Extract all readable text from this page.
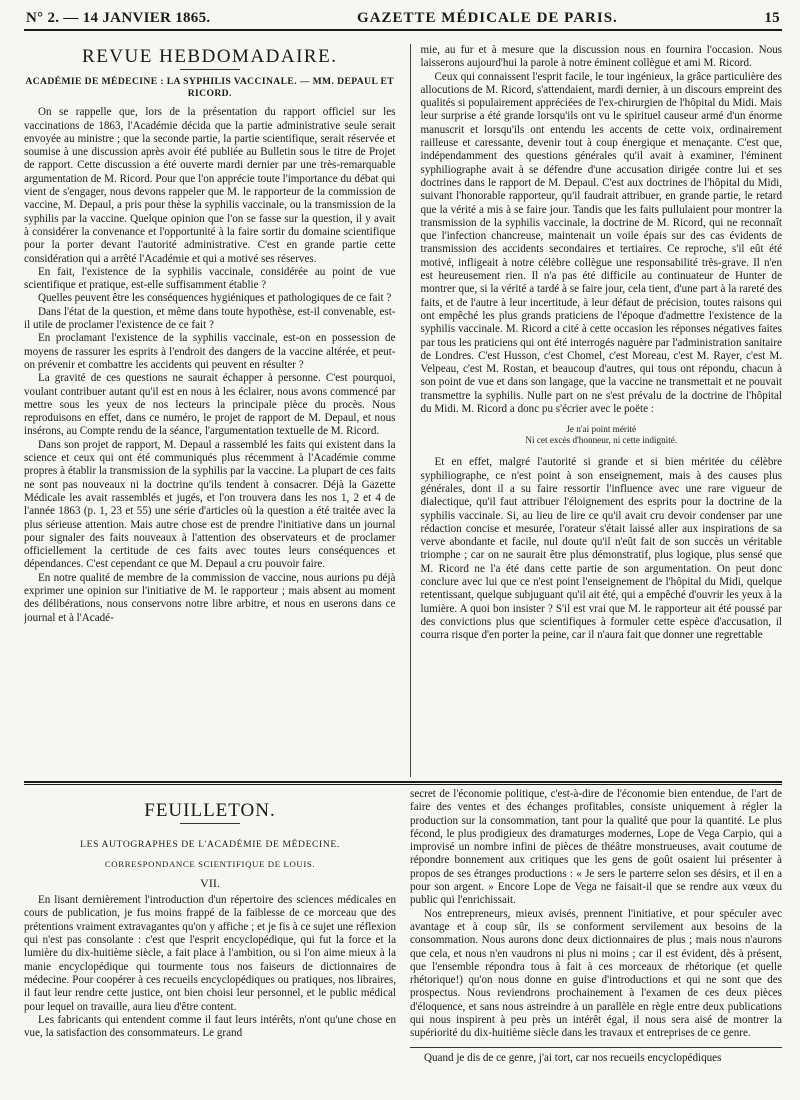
N° 2. — 14 JANVIER 1865.	GAZETTE MÉDICALE DE PARIS.	15
REVUE HEBDOMADAIRE.
ACADÉMIE DE MÉDECINE : LA SYPHILIS VACCINALE. — MM. DEPAUL ET RICORD.

On se rappelle que, lors de la présentation du rapport officiel sur les vaccinations de 1863, l'Académie décida que la partie administrative seule serait envoyée au ministre ; que la seconde partie, la partie scientifique, serait réservée et soumise à une discussion après avoir été publiée au Bulletin sous le titre de Projet de rapport. Cette discussion a été ouverte mardi dernier par une très-remarquable argumentation de M. Ricord. Pour que l'on apprécie toute l'importance du débat qui vient de s'engager, nous devons rappeler que M. le rapporteur de la commission de vaccine, M. Depaul, a pris pour thèse la syphilis vaccinale, ou la transmission de la syphilis par la vaccine. Quelque opinion que l'on se fasse sur la question, il y avait à considérer la convenance et l'opportunité à la faire sortir du domaine scientifique pour la porter devant l'autorité administrative. C'est en grande partie cette considération qui a arrêté l'Académie et qui a motivé ses réserves.

En fait, l'existence de la syphilis vaccinale, considérée au point de vue scientifique et pratique, est-elle suffisamment établie ?

Quelles peuvent être les conséquences hygiéniques et pathologiques de ce fait ?

Dans l'état de la question, et même dans toute hypothèse, est-il convenable, est-il utile de proclamer l'existence de ce fait ?

En proclamant l'existence de la syphilis vaccinale, est-on en possession de moyens de rassurer les esprits à l'endroit des dangers de la vaccine altérée, et peut-on prévenir et combattre les accidents qui peuvent en résulter ?

La gravité de ces questions ne saurait échapper à personne. C'est pourquoi, voulant contribuer autant qu'il est en nous à les éclairer, nous avons commencé par mettre sous les yeux de nos lecteurs la principale pièce du procès. Nous reproduisons en effet, dans ce numéro, le projet de rapport de M. Depaul, et nous insérons, au Compte rendu de la séance, l'argumentation textuelle de M. Ricord.

Dans son projet de rapport, M. Depaul a rassemblé les faits qui existent dans la science et ceux qui ont été communiqués plus récemment à l'Académie comme propres à établir la transmission de la syphilis par la vaccine. La plupart de ces faits ne sont pas nouveaux ni la doctrine qu'ils tendent à consacrer. Déjà la Gazette Médicale les avait rassemblés et jugés, et l'on trouvera dans les nos 1, 2 et 4 de l'année 1863 (p. 1, 23 et 55) une série d'articles où la question a été traitée avec la plus sérieuse attention. Mais autre chose est de prendre l'initiative dans un journal pour signaler des faits nouveaux à l'attention des observateurs et de proclamer officiellement la certitude de ces faits avec toutes leurs conséquences et dépendances. C'est cependant ce que M. Depaul a cru pouvoir faire.

En notre qualité de membre de la commission de vaccine, nous aurions pu déjà exprimer une opinion sur l'initiative de M. le rapporteur ; mais absent au moment des délibérations, nous conservons notre libre arbitre, et nous en userons dans ce journal et à l'Acadé-

mie, au fur et à mesure que la discussion nous en fournira l'occasion. Nous laisserons aujourd'hui la parole à notre éminent collègue et ami M. Ricord.

Ceux qui connaissent l'esprit facile, le tour ingénieux, la grâce particulière des allocutions de M. Ricord, s'attendaient, mardi dernier, à un discours empreint des qualités si populairement appréciées de l'ex-chirurgien de l'hôpital du Midi. Mais leur surprise a été grande lorsqu'ils ont vu le spirituel causeur armé d'un énorme manuscrit et lorsqu'ils ont entendu les accents de cette voix, ordinairement railleuse et caressante, devenir tout à coup énergique et menaçante. C'est que, indépendamment des questions générales qu'il avait à examiner, l'éminent syphiliographe avait à se défendre d'une accusation dirigée contre lui et ses doctrines dans le rapport de M. Depaul. C'est aux doctrines de l'hôpital du Midi, suivant l'honorable rapporteur, qu'il faudrait attribuer, en grande partie, le retard que la vérité a mis à se faire jour. Tandis que les faits pullulaient pour montrer la transmission de la syphilis vaccinale, la doctrine de M. Ricord, qui ne reconnaît que l'infection chancreuse, maintenait un voile épais sur des cas évidents de transmission des accidents secondaires et tertiaires. Ce reproche, s'il eût été motivé, infligeait à notre célèbre collègue une responsabilité très-grave. Il n'en est heureusement rien. Il n'a pas été difficile au continuateur de Hunter de montrer que, si la vérité a tardé à se faire jour, cela tient, d'une part à la rareté des faits, et de l'autre à leur incertitude, à leur défaut de précision, toutes raisons qui ont empêché les plus grands praticiens de l'époque d'admettre l'existence de la syphilis vaccinale. M. Ricord a cité à cette occasion les réponses négatives faites par tous les praticiens qui ont été interrogés naguère par l'administration sanitaire de Londres. C'est Husson, c'est Chomel, c'est Moreau, c'est M. Rayer, c'est M. Velpeau, c'est M. Rostan, et beaucoup d'autres, qui tous ont répondu, chacun à son point de vue et dans son langage, que la vaccine ne transmettait et ne pouvait transmettre la syphilis. Nulle part on ne s'est prévalu de la doctrine de l'hôpital du Midi. M. Ricord a donc pu s'écrier avec le poëte :

Je n'ai point mérité
Ni cet excès d'honneur, ni cette indignité.

Et en effet, malgré l'autorité si grande et si bien méritée du célèbre syphiliographe, ce n'est point à son enseignement, mais à des causes plus générales, dont il a su faire ressortir l'influence avec une rare vigueur de dialectique, qu'il faut attribuer l'éloignement des esprits pour la doctrine de la syphilis vaccinale. Si, au lieu de lire ce qu'il avait cru devoir condenser par une rédaction concise et mesurée, l'orateur s'était laissé aller aux inspirations de sa verve abondante et facile, nul doute qu'il n'eût fait de son succès un véritable triomphe ; car on ne saurait être plus démonstratif, plus logique, plus sensé que M. Ricord ne l'a été dans cette partie de son argumentation. On peut donc conclure avec lui que ce n'est point l'enseignement de l'hôpital du Midi, quelque retentissant, quelque subjuguant qu'il ait été, qui a empêché d'ouvrir les yeux à la lumière. A quoi bon insister ? S'il est vrai que M. le rapporteur ait été poussé par des convictions plus que scientifiques à formuler cette espèce d'accusation, il courra risque d'en porter la peine, car il n'aura fait que donner une regrettable

FEUILLETON.
LES AUTOGRAPHES DE L'ACADÉMIE DE MÉDECINE.
CORRESPONDANCE SCIENTIFIQUE DE LOUIS.
VII.

En lisant dernièrement l'introduction d'un répertoire des sciences médicales en cours de publication, je fus moins frappé de la faiblesse de ce morceau que des prétentions vraiment extravagantes qu'on y affiche ; et je fis à ce sujet une réflexion qui n'est pas consolante : c'est que l'esprit encyclopédique, qui fut la force et la lumière du dix-huitième siècle, a fait place à l'ambition, ou si l'on aime mieux à la manie encyclopédique qui tourmente tous nos faiseurs de dictionnaires de médecine. Pour coopérer à ces recueils encyclopédiques ou pratiques, nos libraires, il faut leur rendre cette justice, ont bien choisi leur personnel, et le public médical pour lequel on travaille, aura lieu d'être content.

Les fabricants qui entendent comme il faut leurs intérêts, n'ont qu'une chose en vue, la satisfaction des consommateurs. Le grand

secret de l'économie politique, c'est-à-dire de l'économie bien entendue, de l'art de faire des ventes et des échanges profitables, consiste uniquement à régler la production sur la consommation, tant pour la qualité que pour la quantité. Le plus fécond, le plus prodigieux des dramaturges modernes, Lope de Vega Carpio, qui a improvisé un nombre infini de pièces de théâtre monstrueuses, avait coutume de répondre bonnement aux critiques que les gens de goût osaient lui présenter à propos de ses étranges productions : « Je sers le parterre selon ses désirs, et il en a pour son argent. » Encore Lope de Vega ne faisait-il que se rendre aux vœux du public qui l'enrichissait.

Nos entrepreneurs, mieux avisés, prennent l'initiative, et pour spéculer avec avantage et à coup sûr, ils se conforment servilement aux besoins de la consommation. Nous aurons donc deux dictionnaires de plus ; mais nous n'aurons que cela, et nous n'en vaudrons ni plus ni moins ; car il est évident, dès à présent, que l'ensemble répondra tous à fait à ces morceaux de rhétorique (et quelle rhétorique!) qu'on nous donne en guise d'introductions et qui ne sont que des prospectus. Nous reviendrons prochainement à l'examen de ces deux pièces d'éloquence, et sans nous astreindre à un parallèle en règle entre deux publications qui nous inspirent à peu près un intérêt égal, il nous sera aisé de montrer la supériorité du dix-huitième siècle dans les travaux et entreprises de ce genre.

Quand je dis de ce genre, j'ai tort, car nos recueils encyclopédiques
